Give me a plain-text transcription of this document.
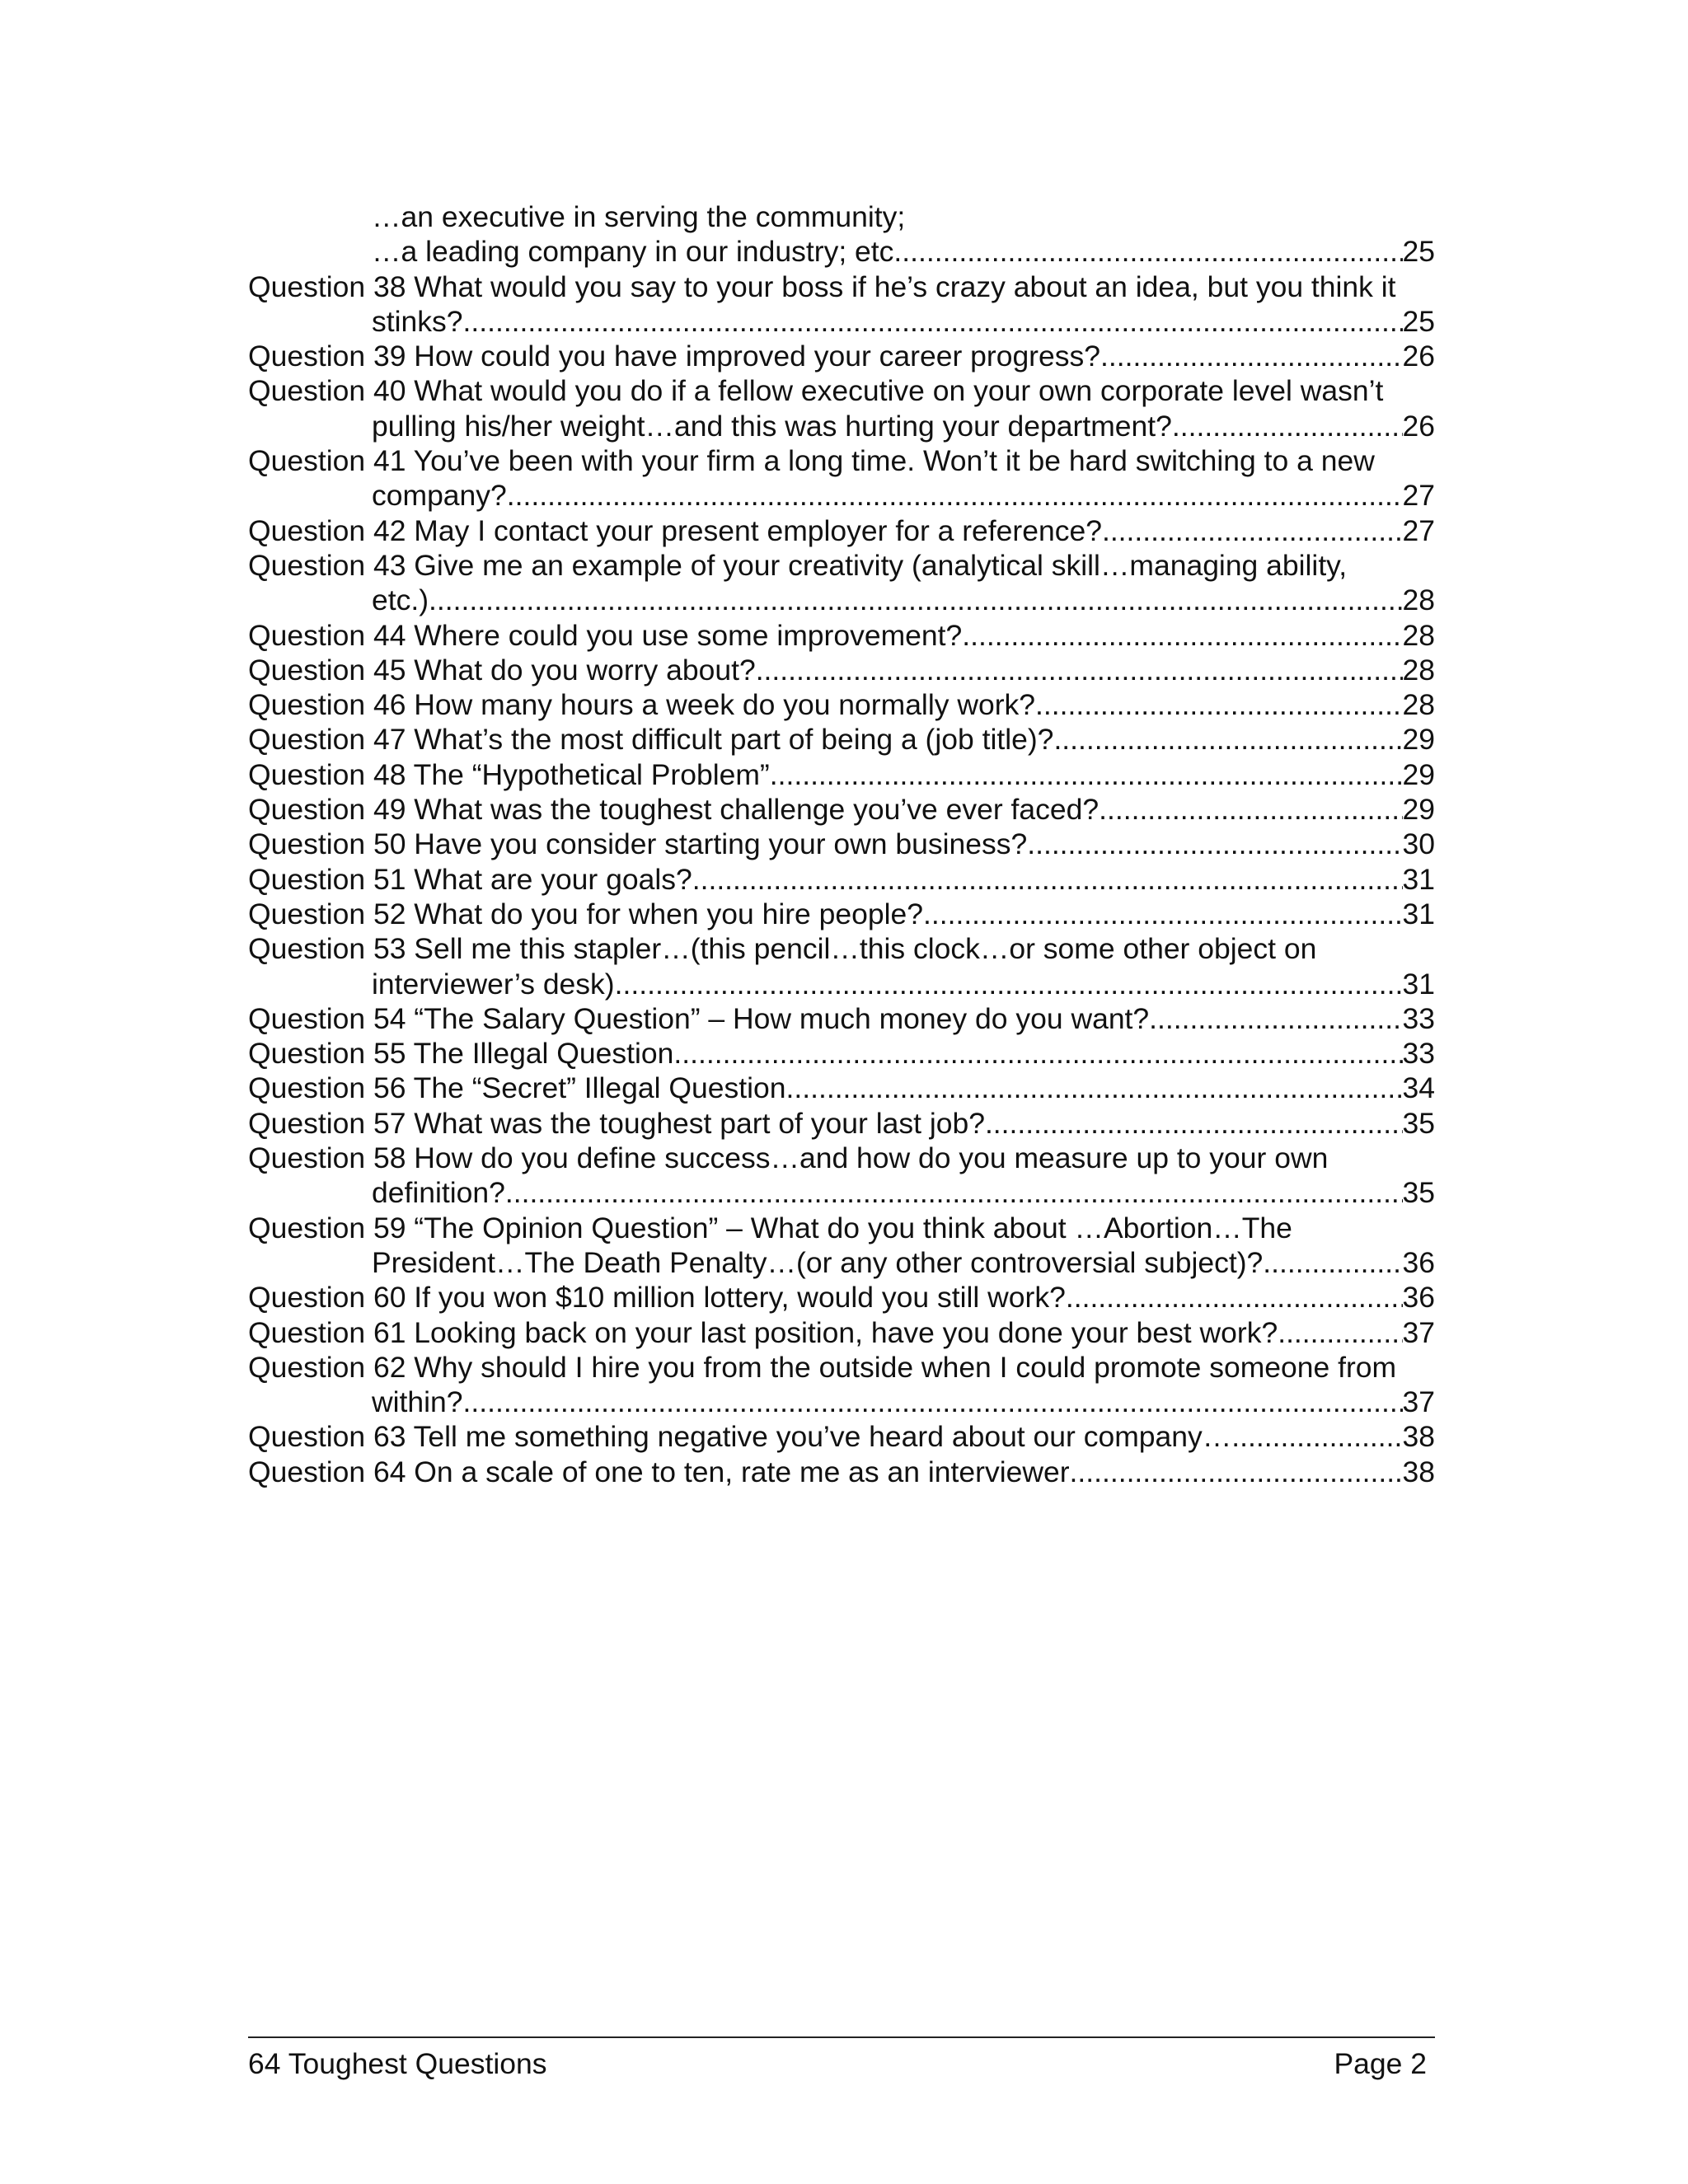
…an executive in serving the community;
…a leading company in our industry; etc .....	25
Question 38 What would you say to your boss if he’s crazy about an idea, but you think it
stinks? .....	25
Question 39 How could you have improved your career progress? .....	26
Question 40 What would you do if a fellow executive on your own corporate level wasn’t
pulling his/her weight…and this was hurting your department? .....	26
Question 41 You’ve been with your firm a long time. Won’t it be hard switching to a new
company? .....	27
Question 42 May I contact your present employer for a reference? .....	27
Question 43 Give me an example of your creativity (analytical skill…managing ability,
etc.) .....	28
Question 44 Where could you use some improvement? .....	28
Question 45 What do you worry about? .....	28
Question 46 How many hours a week do you normally work? .....	28
Question 47 What’s the most difficult part of being a (job title)? .....	29
Question 48 The “Hypothetical Problem” .....	29
Question 49 What was the toughest challenge you’ve ever faced? .....	29
Question 50 Have you consider starting your own business? .....	30
Question 51 What are your goals? .....	31
Question 52 What do you for when you hire people? .....	31
Question 53 Sell me this stapler…(this pencil…this clock…or some other object on
interviewer’s desk) .....	31
Question 54 “The Salary Question” – How much money do you want? .....	33
Question 55 The Illegal Question .....	33
Question 56 The “Secret” Illegal Question .....	34
Question 57 What was the toughest part of your last job? .....	35
Question 58 How do you define success…and how do you measure up to your own
definition? .....	35
Question 59 “The Opinion Question” – What do you think about …Abortion…The
President…The Death Penalty…(or any other controversial subject)? .....	36
Question 60 If you won $10 million lottery, would you still work? .....	36
Question 61 Looking back on your last position, have you done your best work? .....	37
Question 62 Why should I hire you from the outside when I could promote someone from
within? .....	37
Question 63 Tell me something negative you’ve heard about our company… .....	38
Question 64 On a scale of one to ten, rate me as an interviewer .....	38
64 Toughest Questions	Page 2
